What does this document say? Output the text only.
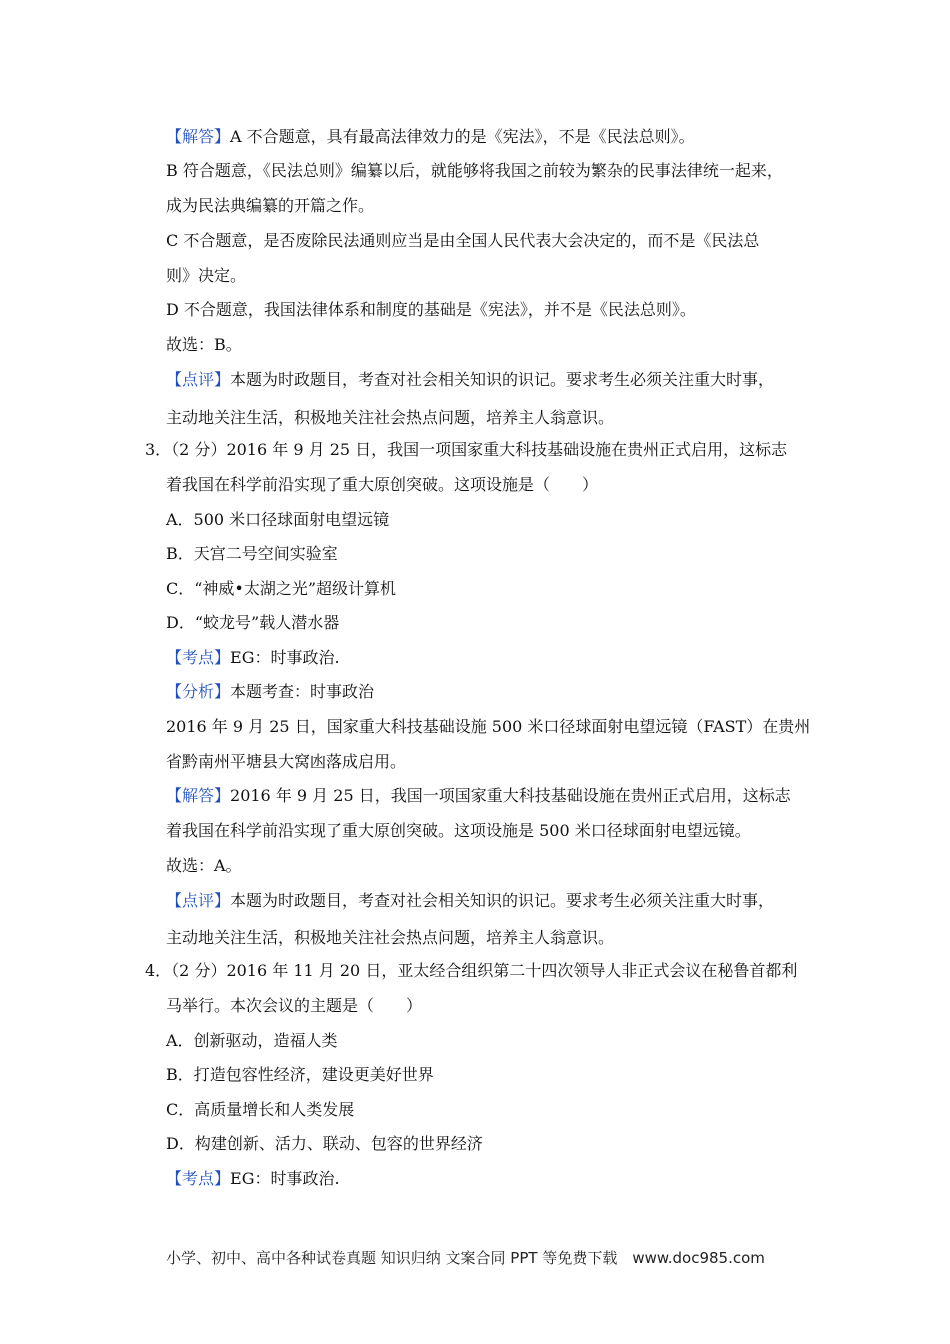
【解答】A 不合题意，具有最高法律效力的是《宪法》，不是《民法总则》。
B 符合题意，《民法总则》编纂以后，就能够将我国之前较为繁杂的民事法律统一起来，
成为民法典编纂的开篇之作。
C 不合题意，是否废除民法通则应当是由全国人民代表大会决定的，而不是《民法总
则》决定。
D 不合题意，我国法律体系和制度的基础是《宪法》，并不是《民法总则》。
故选：B。
【点评】本题为时政题目，考查对社会相关知识的识记。要求考生必须关注重大时事，
主动地关注生活，积极地关注社会热点问题，培养主人翁意识。
3．（2 分）2016 年 9 月 25 日，我国一项国家重大科技基础设施在贵州正式启用，这标志
着我国在科学前沿实现了重大原创突破。这项设施是（　　）
A．500 米口径球面射电望远镜
B．天宫二号空间实验室
C．“神威•太湖之光”超级计算机
D．“蛟龙号”载人潜水器
【考点】EG：时事政治.
【分析】本题考查：时事政治
2016 年 9 月 25 日，国家重大科技基础设施 500 米口径球面射电望远镜（FAST）在贵州
省黔南州平塘县大窝凼落成启用。
【解答】2016 年 9 月 25 日，我国一项国家重大科技基础设施在贵州正式启用，这标志
着我国在科学前沿实现了重大原创突破。这项设施是 500 米口径球面射电望远镜。
故选：A。
【点评】本题为时政题目，考查对社会相关知识的识记。要求考生必须关注重大时事，
主动地关注生活，积极地关注社会热点问题，培养主人翁意识。
4．（2 分）2016 年 11 月 20 日，亚太经合组织第二十四次领导人非正式会议在秘鲁首都利
马举行。本次会议的主题是（　　）
A．创新驱动，造福人类
B．打造包容性经济，建设更美好世界
C．高质量增长和人类发展
D．构建创新、活力、联动、包容的世界经济
【考点】EG：时事政治.
小学、初中、高中各种试卷真题 知识归纳 文案合同 PPT 等免费下载　www.doc985.com
